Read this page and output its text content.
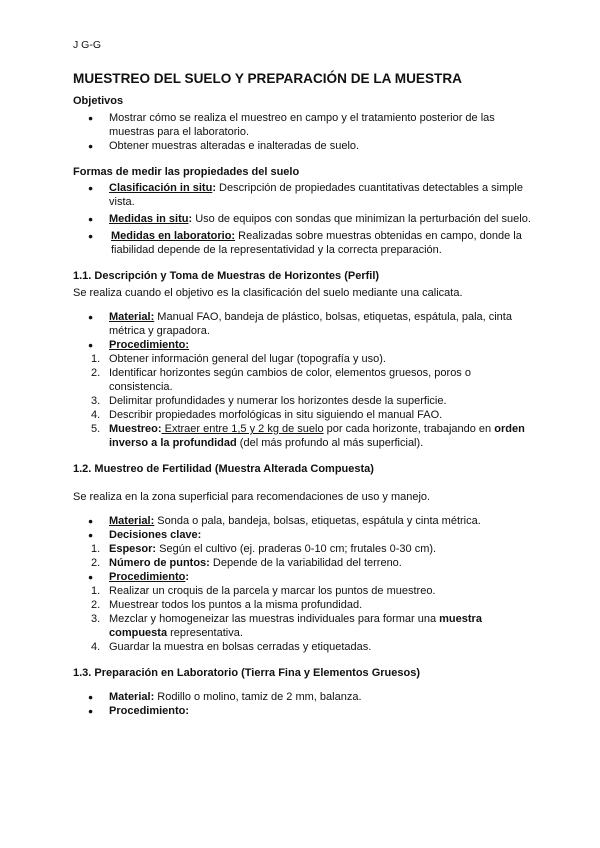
J G-G
MUESTREO DEL SUELO Y PREPARACIÓN DE LA MUESTRA

Objetivos

● Mostrar cómo se realiza el muestreo en campo y el tratamiento posterior de las muestras para el laboratorio.
● Obtener muestras alteradas e inalteradas de suelo.

Formas de medir las propiedades del suelo

● Clasificación in situ: Descripción de propiedades cuantitativas detectables a simple vista.
● Medidas in situ: Uso de equipos con sondas que minimizan la perturbación del suelo.
● Medidas en laboratorio: Realizadas sobre muestras obtenidas en campo, donde la fiabilidad depende de la representatividad y la correcta preparación.

1.1. Descripción y Toma de Muestras de Horizontes (Perfil)

Se realiza cuando el objetivo es la clasificación del suelo mediante una calicata.

● Material: Manual FAO, bandeja de plástico, bolsas, etiquetas, espátula, pala, cinta métrica y grapadora.
● Procedimiento:
1. Obtener información general del lugar (topografía y uso).
2. Identificar horizontes según cambios de color, elementos gruesos, poros o consistencia.
3. Delimitar profundidades y numerar los horizontes desde la superficie.
4. Describir propiedades morfológicas in situ siguiendo el manual FAO.
5. Muestreo: Extraer entre 1,5 y 2 kg de suelo por cada horizonte, trabajando en orden inverso a la profundidad (del más profundo al más superficial).

1.2. Muestreo de Fertilidad (Muestra Alterada Compuesta)

Se realiza en la zona superficial para recomendaciones de uso y manejo.

● Material: Sonda o pala, bandeja, bolsas, etiquetas, espátula y cinta métrica.
● Decisiones clave:
1. Espesor: Según el cultivo (ej. praderas 0-10 cm; frutales 0-30 cm).
2. Número de puntos: Depende de la variabilidad del terreno.
● Procedimiento:
1. Realizar un croquis de la parcela y marcar los puntos de muestreo.
2. Muestrear todos los puntos a la misma profundidad.
3. Mezclar y homogeneizar las muestras individuales para formar una muestra compuesta representativa.
4. Guardar la muestra en bolsas cerradas y etiquetadas.

1.3. Preparación en Laboratorio (Tierra Fina y Elementos Gruesos)

● Material: Rodillo o molino, tamiz de 2 mm, balanza.
● Procedimiento:
